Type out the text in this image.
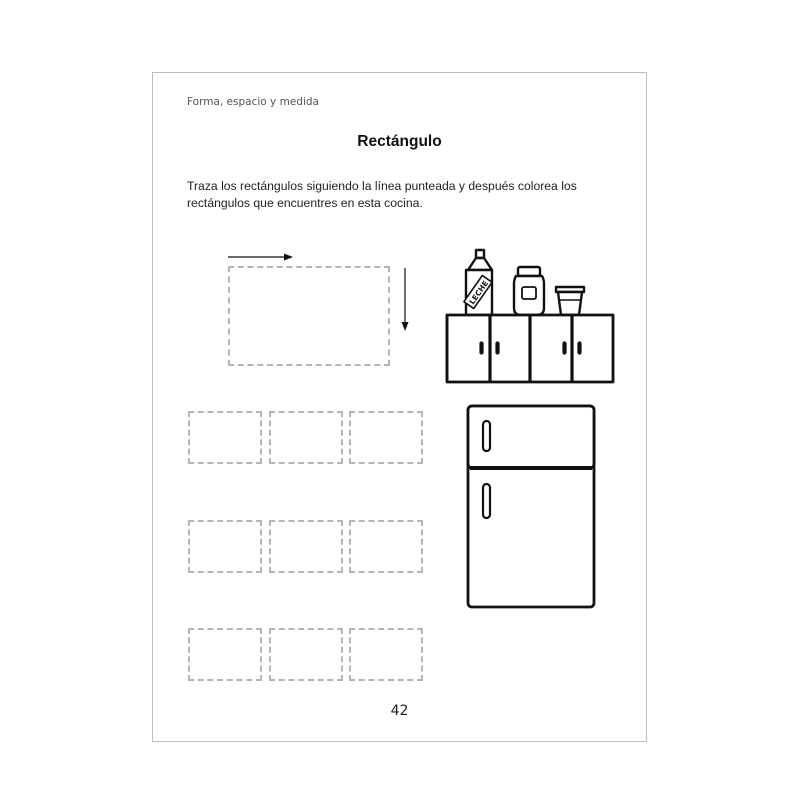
Forma, espacio y medida
Rectángulo
Traza los rectángulos siguiendo la línea punteada y después colorea los rectángulos que encuentres en esta cocina.
LECHE
42
